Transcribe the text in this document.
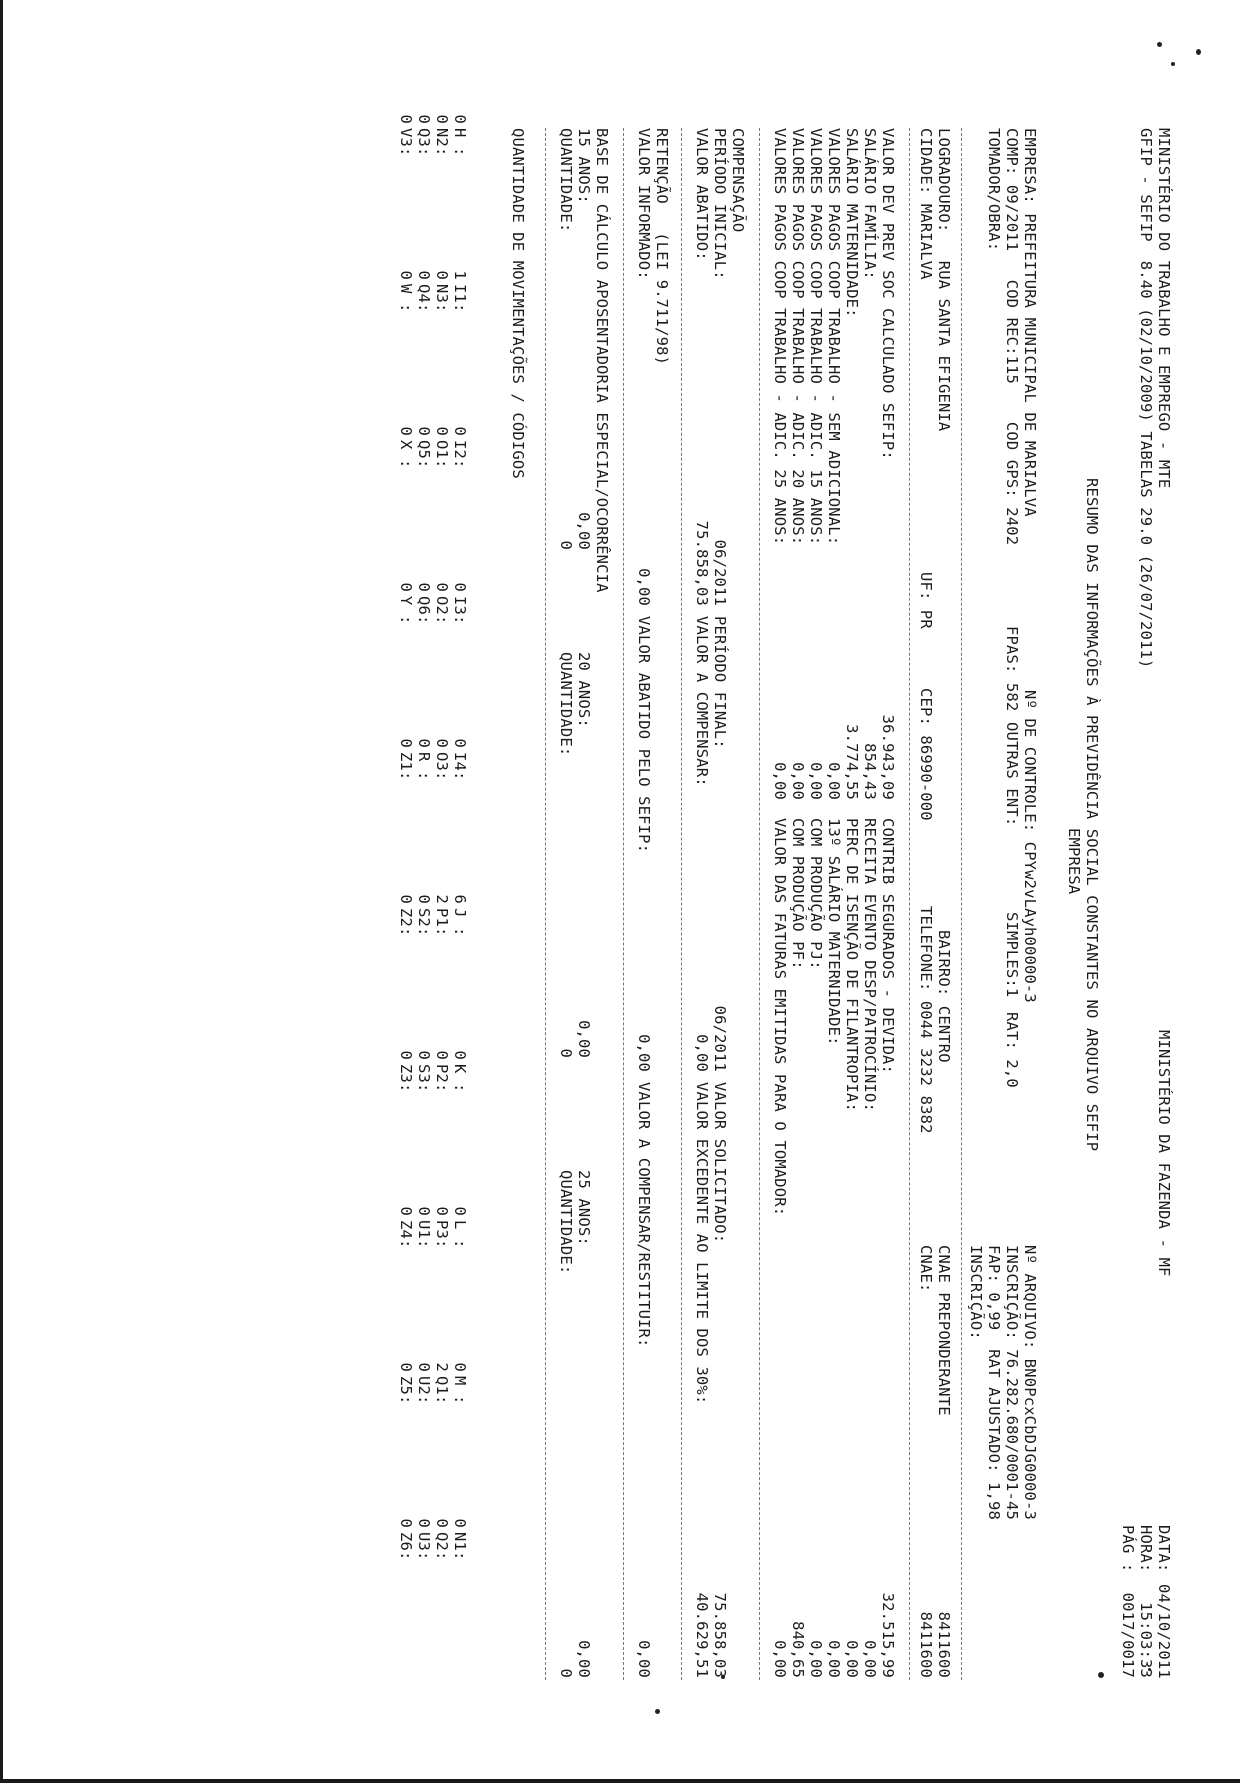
MINISTÉRIO DO TRABALHO E EMPREGO - MTE
GFIP - SEFIP  8.40 (02/10/2009) TABELAS 29.0 (26/07/2011)
MINISTÉRIO DA FAZENDA - MF
DATA:
04/10/2011
HORA:
15:03:33
PÁG :
0017/0017
RESUMO DAS INFORMAÇÕES À PREVIDÊNCIA SOCIAL CONSTANTES NO ARQUIVO SEFIP
EMPRESA
EMPRESA: PREFEITURA MUNICIPAL DE MARIALVA
Nº DE CONTROLE: CPYw2vLAyh00000-3
Nº ARQUIVO: BN0PcxCbDJG0000-3
COMP: 09/2011   COD REC:115    COD GPS: 2402
FPAS: 582
OUTRAS ENT:
SIMPLES:1
RAT: 2,0
INSCRIÇÃO: 76.282.680/0001-45
TOMADOR/OBRA:
FAP: 0,99  RAT AJUSTADO: 1,98
INSCRIÇÃO:
LOGRADOURO:   RUA SANTA EFIGENIA
BAIRRO: CENTRO
CNAE PREPONDERANTE
8411600
CIDADE: MARIALVA
UF: PR
CEP: 86990-000
TELEFONE: 0044 3232 8382
CNAE:
8411600
VALOR DEV PREV SOC CALCULADO SEFIP:
36.943,09
CONTRIB SEGURADOS - DEVIDA:
32.515,99
SALÁRIO FAMÍLIA:
854,43
RECEITA EVENTO DESP/PATROCÍNIO:
0,00
SALÁRIO MATERNIDADE:
3.774,55
PERC DE ISENÇÃO DE FILANTROPIA:
0,00
VALORES PAGOS COOP TRABALHO - SEM ADICIONAL:
0,00
13º SALÁRIO MATERNIDADE:
0,00
VALORES PAGOS COOP TRABALHO - ADIC. 15 ANOS:
0,00
COM PRODUÇÃO PJ:
0,00
VALORES PAGOS COOP TRABALHO - ADIC. 20 ANOS:
0,00
COM PRODUÇÃO PF:
840,65
VALORES PAGOS COOP TRABALHO - ADIC. 25 ANOS:
0,00
VALOR DAS FATURAS EMITIDAS PARA O TOMADOR:
0,00
COMPENSAÇÃO
PERÍODO INICIAL:
06/2011
PERÍODO FINAL:
06/2011
VALOR SOLICITADO:
75.858,03
VALOR ABATIDO:
75.858,03
VALOR A COMPENSAR:
0,00
VALOR EXCEDENTE AO LIMITE DOS 30%:
40.629,51
RETENÇÃO   (LEI 9.711/98)
VALOR INFORMADO:
0,00
VALOR ABATIDO PELO SEFIP:
0,00
VALOR A COMPENSAR/RESTITUIR:
0,00
BASE DE CÁLCULO APOSENTADORIA ESPECIAL/OCORRÊNCIA
15 ANOS:
0,00
20 ANOS:
0,00
25 ANOS:
0,00
QUANTIDADE:
0
QUANTIDADE:
0
QUANTIDADE:
0
QUANTIDADE DE MOVIMENTAÇÕES / CÓDIGOS
H :
0
I1:
1
I2:
0
I3:
0
I4:
0
J :
6
K :
0
L :
0
M :
0
N1:
0
N2:
0
N3:
0
O1:
0
O2:
0
O3:
0
P1:
2
P2:
0
P3:
0
Q1:
2
Q2:
0
Q3:
0
Q4:
0
Q5:
0
Q6:
0
R :
0
S2:
0
S3:
0
U1:
0
U2:
0
U3:
0
V3:
0
W :
0
X :
0
Y :
0
Z1:
0
Z2:
0
Z3:
0
Z4:
0
Z5:
0
Z6:
0
